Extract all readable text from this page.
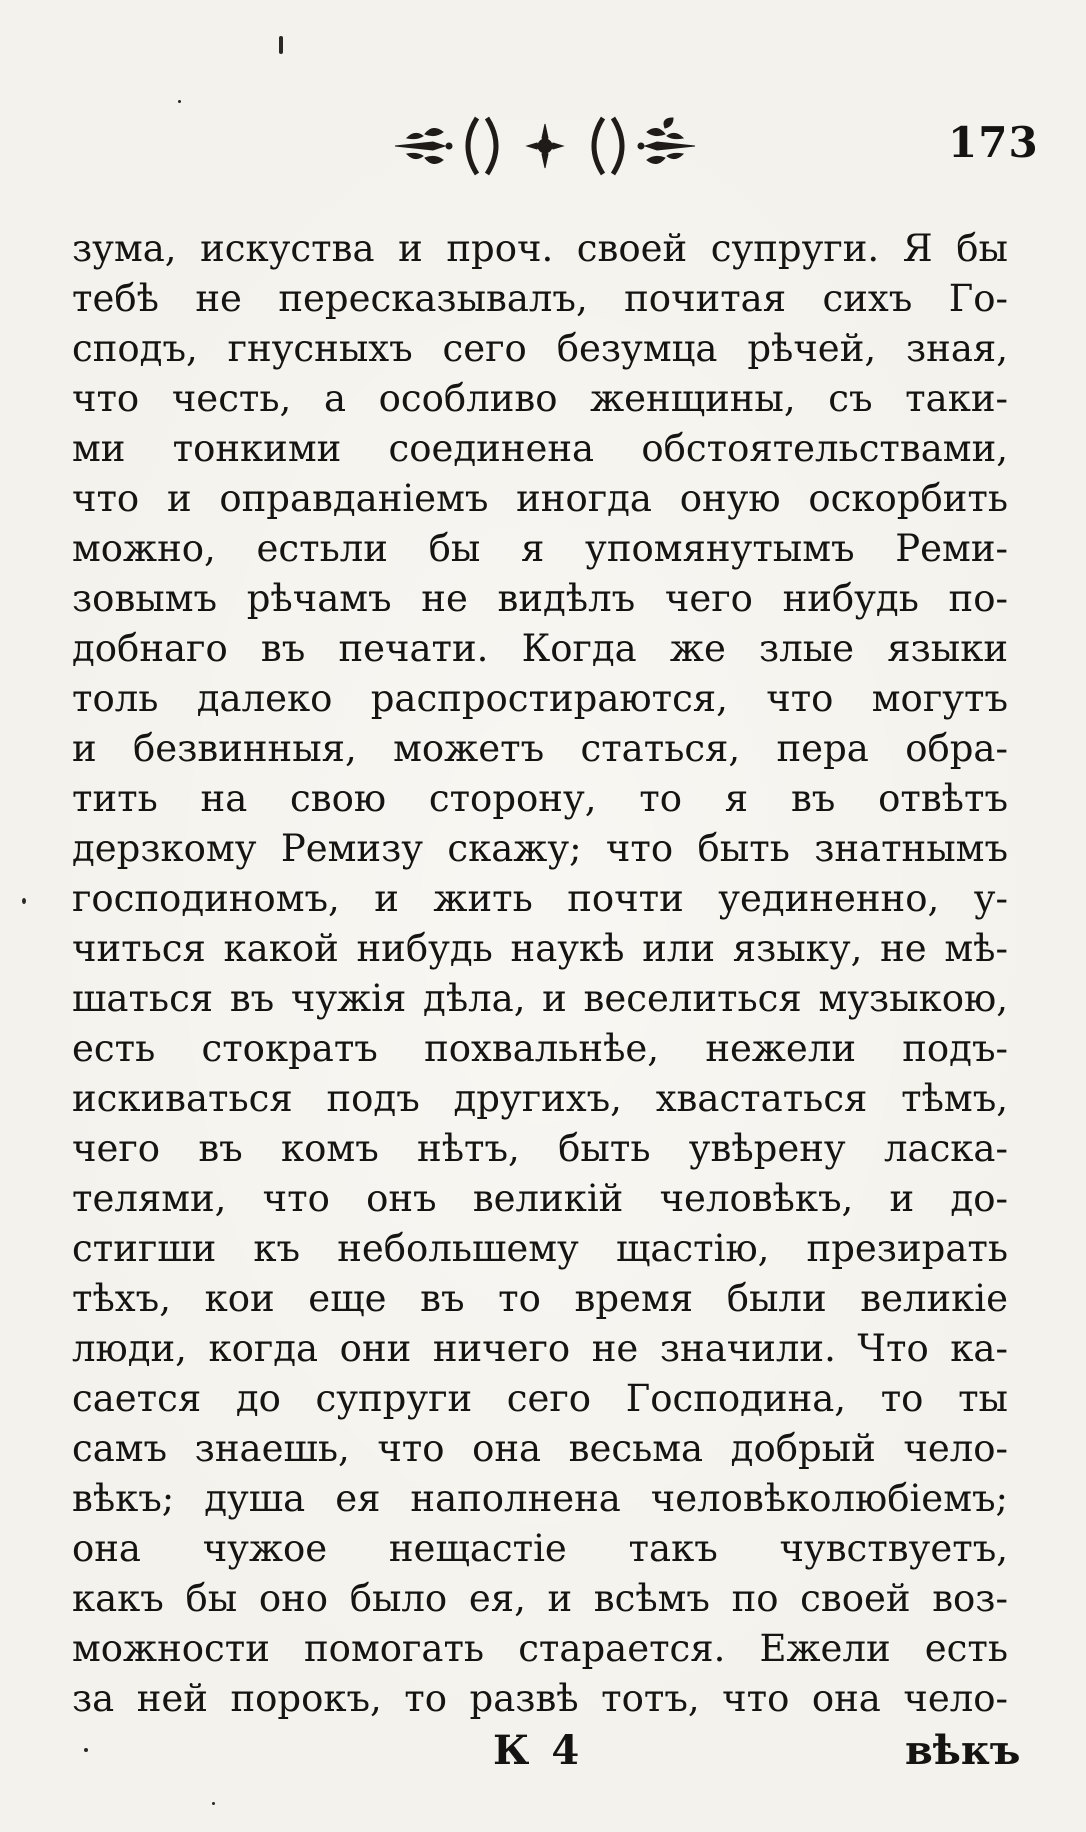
173
зума, искуства и проч. своей супруги. Я бы
тебѣ не пересказывалъ, почитая сихъ Го-
сподъ, гнусныхъ сего безумца рѣчей, зная,
что честь, а особливо женщины, съ таки-
ми тонкими соединена обстоятельствами,
что и оправданіемъ иногда оную оскорбить
можно, естьли бы я упомянутымъ Реми-
зовымъ рѣчамъ не видѣлъ чего нибудь по-
добнаго въ печати. Когда же злые языки
толь далеко распростираются, что могутъ
и безвинныя, можетъ статься, пера обра-
тить на свою сторону, то я въ отвѣтъ
дерзкому Ремизу скажу; что быть знатнымъ
господиномъ, и жить почти уединенно, у-
читься какой нибудь наукѣ или языку, не мѣ-
шаться въ чужія дѣла, и веселиться музыкою,
есть стократъ похвальнѣе, нежели подъ-
искиваться подъ другихъ, хвастаться тѣмъ,
чего въ комъ нѣтъ, быть увѣрену ласка-
телями, что онъ великій человѣкъ, и до-
стигши къ небольшему щастію, презирать
тѣхъ, кои еще въ то время были великіе
люди, когда они ничего не значили. Что ка-
сается до супруги сего Господина, то ты
самъ знаешь, что она весьма добрый чело-
вѣкъ; душа ея наполнена человѣколюбіемъ;
она чужое нещастіе такъ чувствуетъ,
какъ бы оно было ея, и всѣмъ по своей воз-
можности помогать старается. Ежели есть
за ней порокъ, то развѣ тотъ, что она чело-
К 4	вѣкъ
